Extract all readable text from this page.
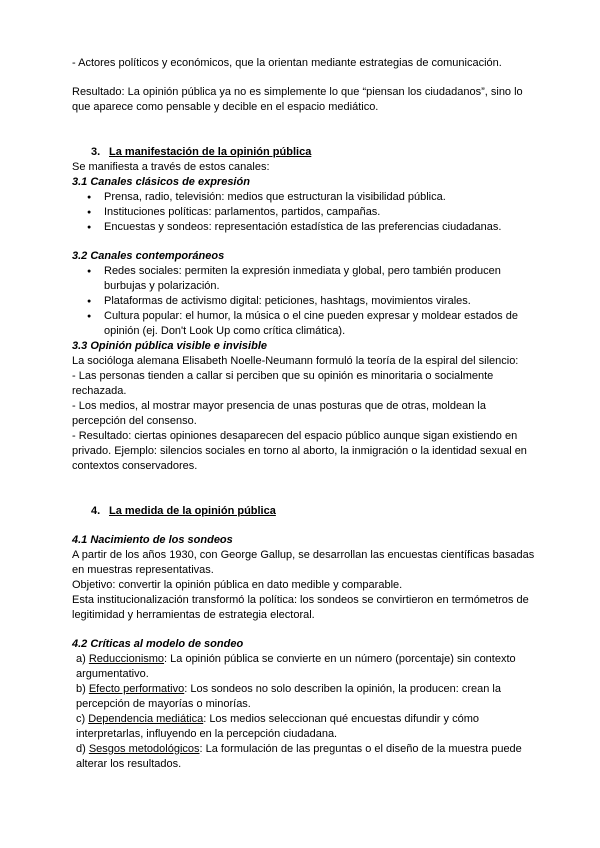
- Actores políticos y económicos, que la orientan mediante estrategias de comunicación.

Resultado: La opinión pública ya no es simplemente lo que “piensan los ciudadanos”, sino lo que aparece como pensable y decible en el espacio mediático.

3. La manifestación de la opinión pública

Se manifiesta a través de estos canales:

3.1 Canales clásicos de expresión

● Prensa, radio, televisión: medios que estructuran la visibilidad pública.
● Instituciones políticas: parlamentos, partidos, campañas.
● Encuestas y sondeos: representación estadística de las preferencias ciudadanas.

3.2 Canales contemporáneos

● Redes sociales: permiten la expresión inmediata y global, pero también producen burbujas y polarización.
● Plataformas de activismo digital: peticiones, hashtags, movimientos virales.
● Cultura popular: el humor, la música o el cine pueden expresar y moldear estados de opinión (ej. Don't Look Up como crítica climática).

3.3 Opinión pública visible e invisible

La socióloga alemana Elisabeth Noelle-Neumann formuló la teoría de la espiral del silencio:

- Las personas tienden a callar si perciben que su opinión es minoritaria o socialmente rechazada.

- Los medios, al mostrar mayor presencia de unas posturas que de otras, moldean la percepción del consenso.

- Resultado: ciertas opiniones desaparecen del espacio público aunque sigan existiendo en privado. Ejemplo: silencios sociales en torno al aborto, la inmigración o la identidad sexual en contextos conservadores.

4. La medida de la opinión pública

4.1 Nacimiento de los sondeos

A partir de los años 1930, con George Gallup, se desarrollan las encuestas científicas basadas en muestras representativas.

Objetivo: convertir la opinión pública en dato medible y comparable.

Esta institucionalización transformó la política: los sondeos se convirtieron en termómetros de legitimidad y herramientas de estrategia electoral.

4.2 Críticas al modelo de sondeo

a) Reduccionismo: La opinión pública se convierte en un número (porcentaje) sin contexto argumentativo.

b) Efecto performativo: Los sondeos no solo describen la opinión, la producen: crean la percepción de mayorías o minorías.

c) Dependencia mediática: Los medios seleccionan qué encuestas difundir y cómo interpretarlas, influyendo en la percepción ciudadana.

d) Sesgos metodológicos: La formulación de las preguntas o el diseño de la muestra puede alterar los resultados.
